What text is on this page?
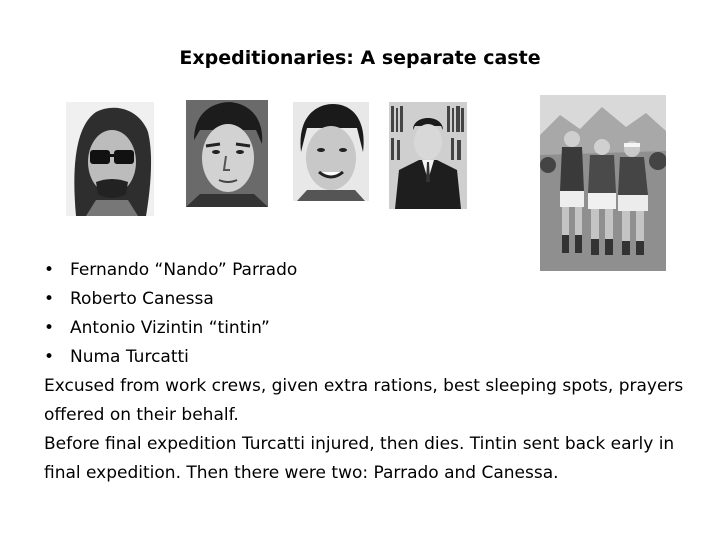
Expeditionaries: A separate caste
• Fernando “Nando” Parrado
• Roberto Canessa
• Antonio Vizintin “tintin”
• Numa Turcatti
Excused from work crews, given extra rations, best sleeping spots, prayers offered on their behalf.
Before final expedition Turcatti injured, then dies. Tintin sent back early in final expedition. Then there were two: Parrado and Canessa.
